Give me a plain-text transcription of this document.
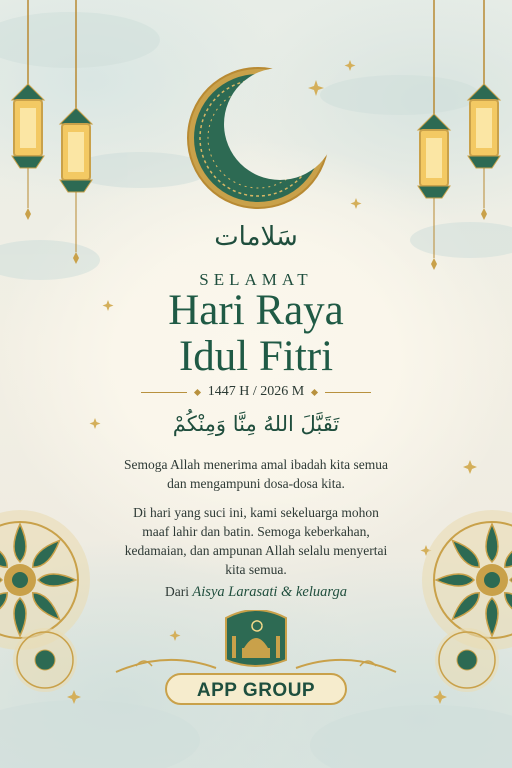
سَلامات
SELAMAT
Hari Raya
Idul Fitri
1447 H / 2026 M
تَقَبَّلَ اللهُ مِنَّا وَمِنْكُمْ
Semoga Allah menerima amal ibadah kita semua
dan mengampuni dosa-dosa kita.
Di hari yang suci ini, kami sekeluarga mohon
maaf lahir dan batin. Semoga keberkahan,
kedamaian, dan ampunan Allah selalu menyertai
kita semua.
Dari Aisya Larasati & keluarga
APP GROUP
